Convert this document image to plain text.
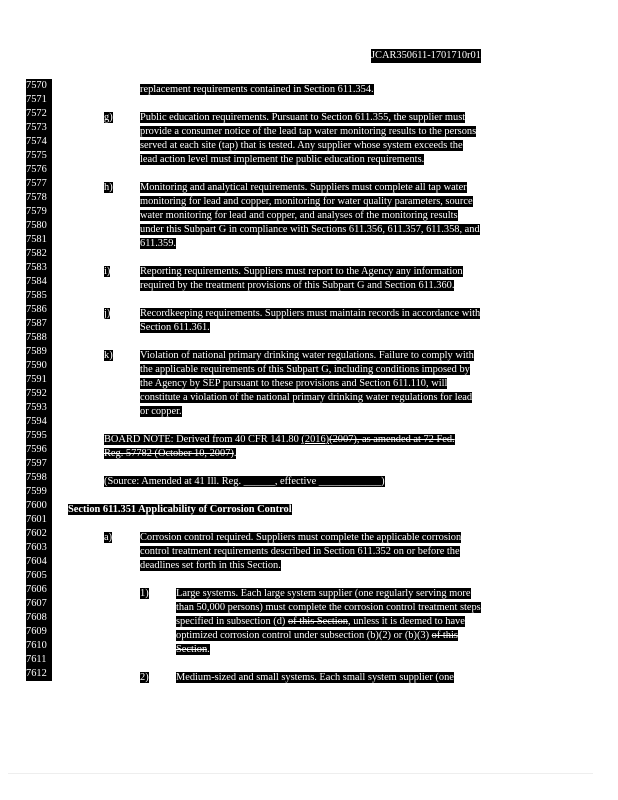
JCAR350611-1701710r01
7570
7571
7572
7573
7574
7575
7576
7577
7578
7579
7580
7581
7582
7583
7584
7585
7586
7587
7588
7589
7590
7591
7592
7593
7594
7595
7596
7597
7598
7599
7600
7601
7602
7603
7604
7605
7606
7607
7608
7609
7610
7611
7612
replacement requirements contained in Section 611.354.
g)	Public education requirements. Pursuant to Section 611.355, the supplier must
provide a consumer notice of the lead tap water monitoring results to the persons
served at each site (tap) that is tested. Any supplier whose system exceeds the
lead action level must implement the public education requirements.
h)	Monitoring and analytical requirements. Suppliers must complete all tap water
monitoring for lead and copper, monitoring for water quality parameters, source
water monitoring for lead and copper, and analyses of the monitoring results
under this Subpart G in compliance with Sections 611.356, 611.357, 611.358, and
611.359.
i)	Reporting requirements. Suppliers must report to the Agency any information
required by the treatment provisions of this Subpart G and Section 611.360.
j)	Recordkeeping requirements. Suppliers must maintain records in accordance with
Section 611.361.
k)	Violation of national primary drinking water regulations. Failure to comply with
the applicable requirements of this Subpart G, including conditions imposed by
the Agency by SEP pursuant to these provisions and Section 611.110, will
constitute a violation of the national primary drinking water regulations for lead
or copper.
BOARD NOTE: Derived from 40 CFR 141.80 (2016)(2007), as amended at 72 Fed.
Reg. 57782 (October 10, 2007).
(Source: Amended at 41 Ill. Reg. ______, effective ____________)
Section 611.351 Applicability of Corrosion Control
a)	Corrosion control required. Suppliers must complete the applicable corrosion
control treatment requirements described in Section 611.352 on or before the
deadlines set forth in this Section.
1)	Large systems. Each large system supplier (one regularly serving more
than 50,000 persons) must complete the corrosion control treatment steps
specified in subsection (d) of this Section, unless it is deemed to have
optimized corrosion control under subsection (b)(2) or (b)(3) of this
Section.
2)	Medium-sized and small systems. Each small system supplier (one
